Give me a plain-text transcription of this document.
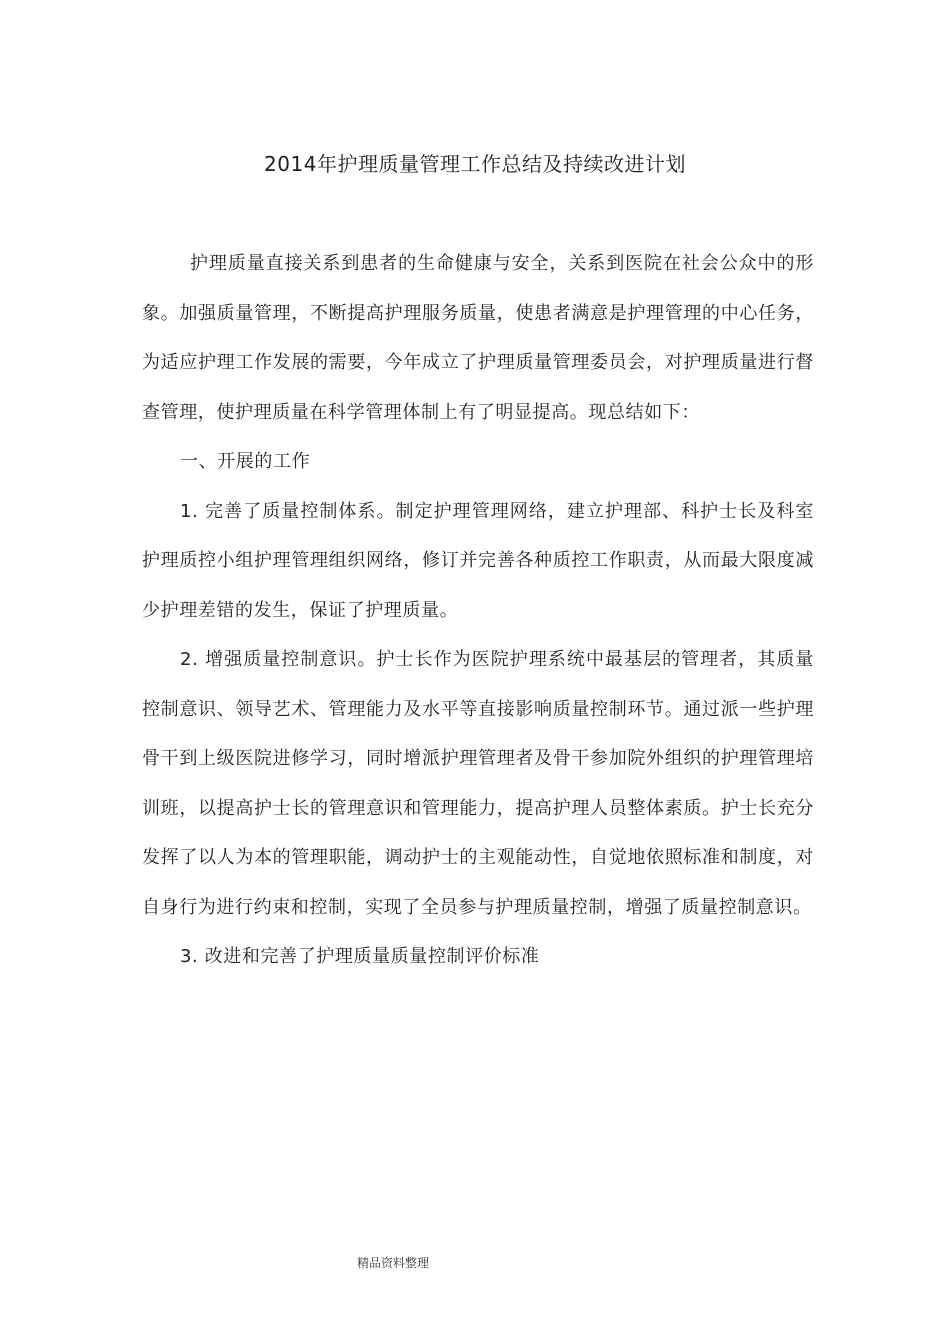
2014年护理质量管理工作总结及持续改进计划

护理质量直接关系到患者的生命健康与安全，关系到医院在社会公众中的形象。加强质量管理，不断提高护理服务质量，使患者满意是护理管理的中心任务，为适应护理工作发展的需要，今年成立了护理质量管理委员会，对护理质量进行督查管理，使护理质量在科学管理体制上有了明显提高。现总结如下：

一、开展的工作

1. 完善了质量控制体系。制定护理管理网络，建立护理部、科护士长及科室护理质控小组护理管理组织网络，修订并完善各种质控工作职责，从而最大限度减少护理差错的发生，保证了护理质量。

2. 增强质量控制意识。护士长作为医院护理系统中最基层的管理者，其质量控制意识、领导艺术、管理能力及水平等直接影响质量控制环节。通过派一些护理骨干到上级医院进修学习，同时增派护理管理者及骨干参加院外组织的护理管理培训班，以提高护士长的管理意识和管理能力，提高护理人员整体素质。护士长充分发挥了以人为本的管理职能，调动护士的主观能动性，自觉地依照标准和制度，对自身行为进行约束和控制，实现了全员参与护理质量控制，增强了质量控制意识。

3. 改进和完善了护理质量质量控制评价标准

精品资料整理
